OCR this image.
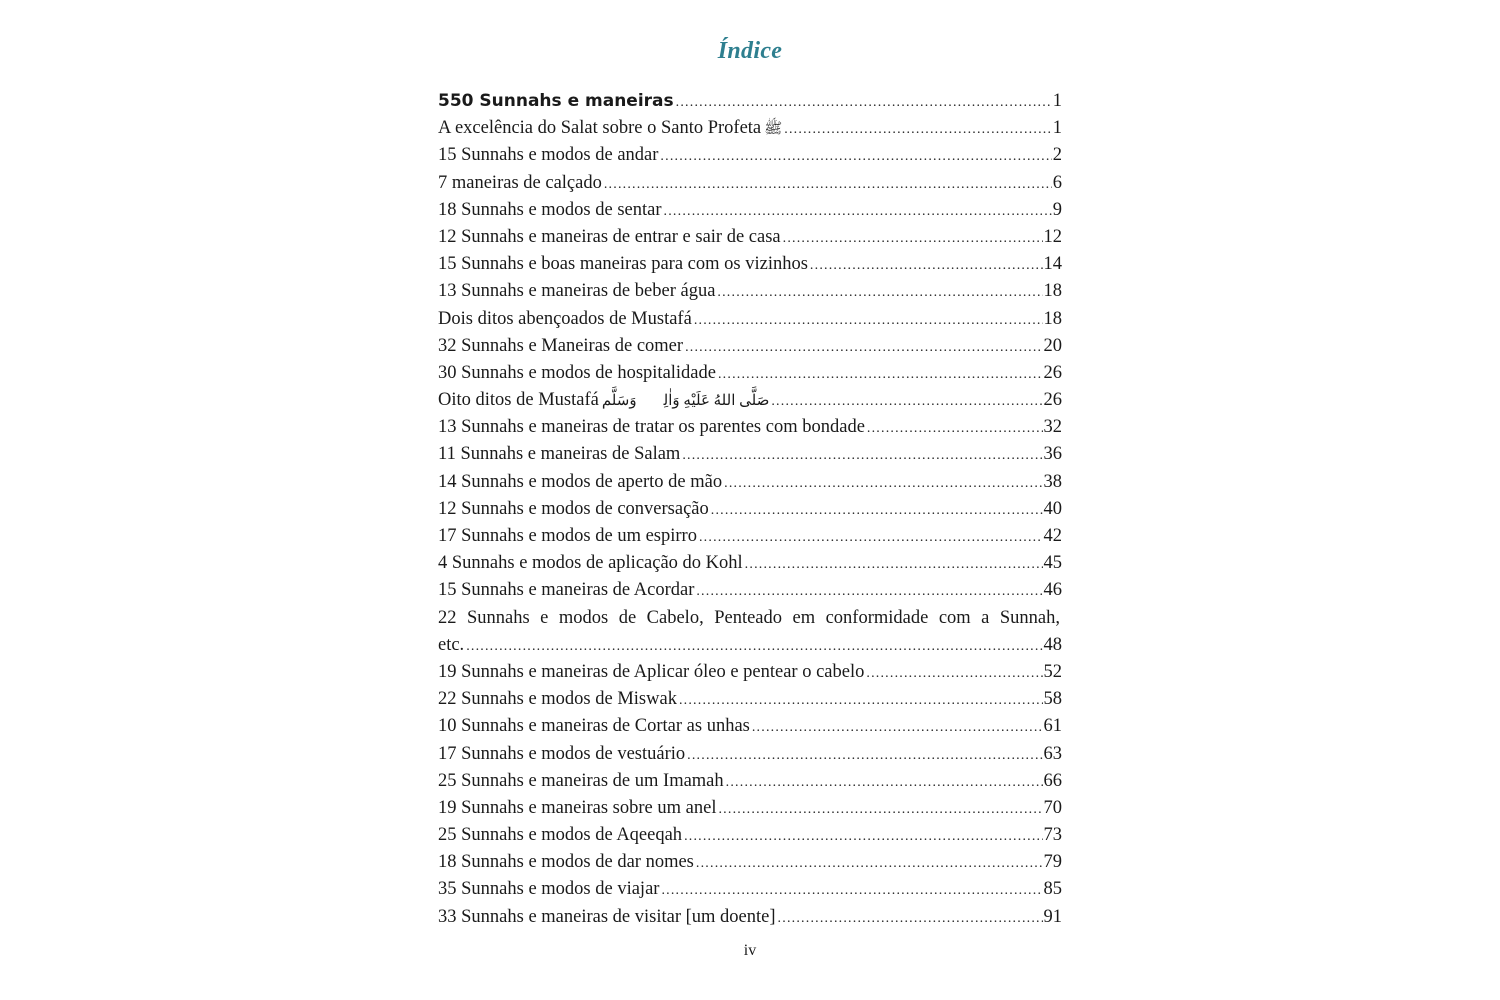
Índice
550 Sunnahs e maneiras .....	1
A excelência do Salat sobre o Santo Profeta ﷺ .....	1
15 Sunnahs e modos de andar .....	2
7 maneiras de calçado .....	6
18 Sunnahs e modos de sentar .....	9
12 Sunnahs e maneiras de entrar e sair de casa .....	12
15 Sunnahs e boas maneiras para com os vizinhos .....	14
13 Sunnahs e maneiras de beber água .....	18
Dois ditos abençoados de Mustafá .....	18
32 Sunnahs e Maneiras de comer .....	20
30 Sunnahs e modos de hospitalidade .....	26
Oito ditos de Mustafá صَلَّى اللهُ عَلَيْهِ وَاٰلِهٖ وَسَلَّم .....	26
13 Sunnahs e maneiras de tratar os parentes com bondade .....	32
11 Sunnahs e maneiras de Salam .....	36
14 Sunnahs e modos de aperto de mão .....	38
12 Sunnahs e modos de conversação .....	40
17 Sunnahs e modos de um espirro .....	42
4 Sunnahs e modos de aplicação do Kohl .....	45
15 Sunnahs e maneiras de Acordar .....	46
22 Sunnahs e modos de Cabelo, Penteado em conformidade com a Sunnah,
etc. .....	48
19 Sunnahs e maneiras de Aplicar óleo e pentear o cabelo .....	52
22 Sunnahs e modos de Miswak .....	58
10 Sunnahs e maneiras de Cortar as unhas .....	61
17 Sunnahs e modos de vestuário .....	63
25 Sunnahs e maneiras de um Imamah .....	66
19 Sunnahs e maneiras sobre um anel .....	70
25 Sunnahs e modos de Aqeeqah .....	73
18 Sunnahs e modos de dar nomes .....	79
35 Sunnahs e modos de viajar .....	85
33 Sunnahs e maneiras de visitar [um doente] .....	91
iv
